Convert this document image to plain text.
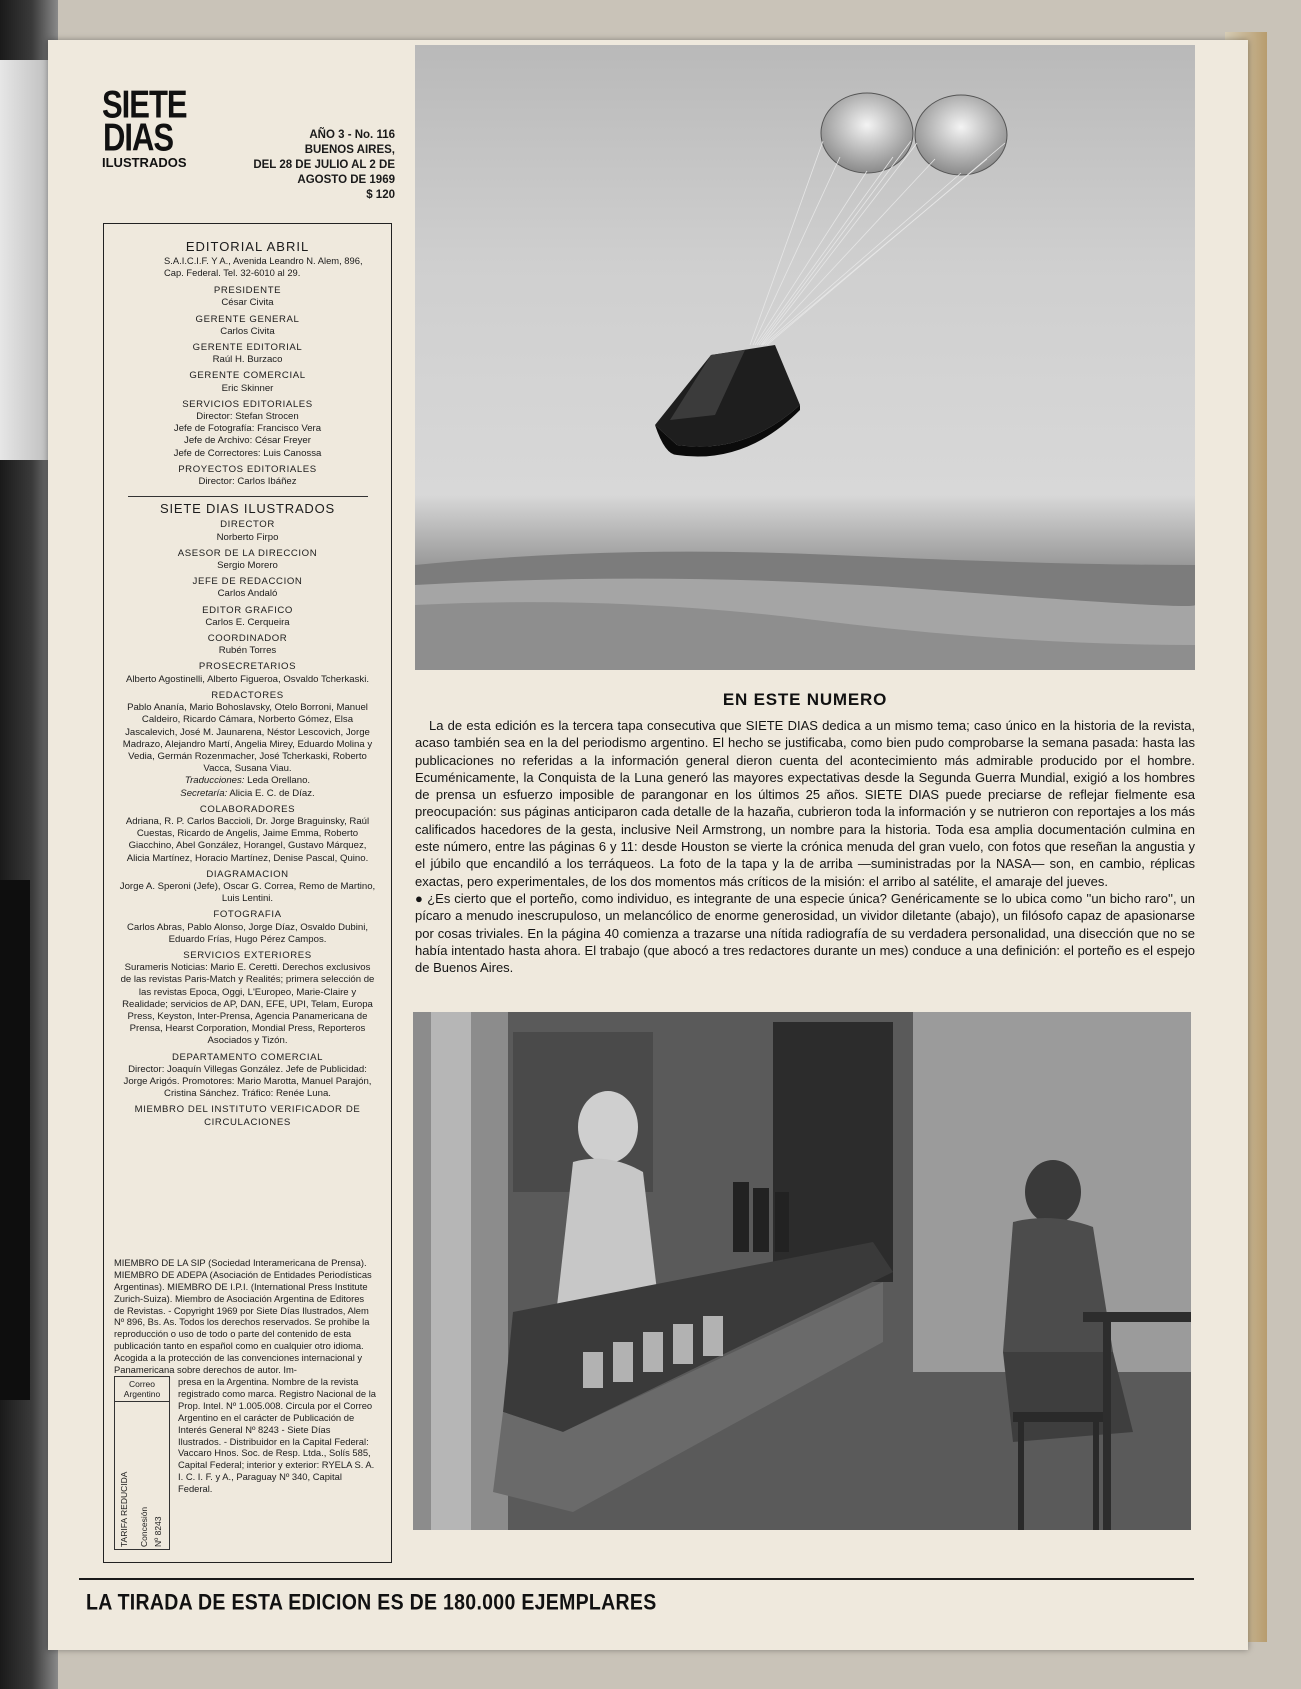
SIETE
DIAS
ILUSTRADOS
AÑO 3 - No. 116
BUENOS AIRES,
DEL 28 DE JULIO AL 2 DE
AGOSTO DE 1969
$ 120
EDITORIAL ABRIL
S.A.I.C.I.F. Y A., Avenida Leandro N. Alem, 896, Cap. Federal. Tel. 32-6010 al 29.
PRESIDENTE
César Civita
GERENTE GENERAL
Carlos Civita
GERENTE EDITORIAL
Raúl H. Burzaco
GERENTE COMERCIAL
Eric Skinner
SERVICIOS EDITORIALES
Director: Stefan Strocen
Jefe de Fotografía: Francisco Vera
Jefe de Archivo: César Freyer
Jefe de Correctores: Luis Canossa
PROYECTOS EDITORIALES
Director: Carlos Ibáñez
SIETE DIAS ILUSTRADOS
DIRECTOR
Norberto Firpo
ASESOR DE LA DIRECCION
Sergio Morero
JEFE DE REDACCION
Carlos Andaló
EDITOR GRAFICO
Carlos E. Cerqueira
COORDINADOR
Rubén Torres
PROSECRETARIOS
Alberto Agostinelli, Alberto Figueroa, Osvaldo Tcherkaski.
REDACTORES
Pablo Ananía, Mario Bohoslavsky, Otelo Borroni, Manuel Caldeiro, Ricardo Cámara, Norberto Gómez, Elsa Jascalevich, José M. Jaunarena, Néstor Lescovich, Jorge Madrazo, Alejandro Martí, Angelia Mirey, Eduardo Molina y Vedia, Germán Rozenmacher, José Tcherkaski, Roberto Vacca, Susana Viau.
Traducciones: Leda Orellano.
Secretaría: Alicia E. C. de Díaz.
COLABORADORES
Adriana, R. P. Carlos Baccioli, Dr. Jorge Braguinsky, Raúl Cuestas, Ricardo de Angelis, Jaime Emma, Roberto Giacchino, Abel González, Horangel, Gustavo Márquez, Alicia Martínez, Horacio Martínez, Denise Pascal, Quino.
DIAGRAMACION
Jorge A. Speroni (Jefe), Oscar G. Correa, Remo de Martino, Luis Lentini.
FOTOGRAFIA
Carlos Abras, Pablo Alonso, Jorge Díaz, Osvaldo Dubini, Eduardo Frías, Hugo Pérez Campos.
SERVICIOS EXTERIORES
Surameris Noticias: Mario E. Ceretti. Derechos exclusivos de las revistas Paris-Match y Realités; primera selección de las revistas Epoca, Oggi, L'Europeo, Marie-Claire y Realidade; servicios de AP, DAN, EFE, UPI, Telam, Europa Press, Keyston, Inter-Prensa, Agencia Panamericana de Prensa, Hearst Corporation, Mondial Press, Reporteros Asociados y Tizón.
DEPARTAMENTO COMERCIAL
Director: Joaquín Villegas González. Jefe de Publicidad: Jorge Arigós. Promotores: Mario Marotta, Manuel Parajón, Cristina Sánchez. Tráfico: Renée Luna.
MIEMBRO DEL INSTITUTO VERIFICADOR DE CIRCULACIONES
MIEMBRO DE LA SIP (Sociedad Interamericana de Prensa). MIEMBRO DE ADEPA (Asociación de Entidades Periodísticas Argentinas). MIEMBRO DE I.P.I. (International Press Institute Zurich-Suiza). Miembro de Asociación Argentina de Editores de Revistas. - Copyright 1969 por Siete Días Ilustrados, Alem Nº 896, Bs. As. Todos los derechos reservados. Se prohibe la reproducción o uso de todo o parte del contenido de esta publicación tanto en español como en cualquier otro idioma. Acogida a la protección de las convenciones internacional y Panamericana sobre derechos de autor. Im-
Correo Argentino
TARIFA REDUCIDA Concesión Nº 8243
presa en la Argentina. Nombre de la revista registrado como marca. Registro Nacional de la Prop. Intel. Nº 1.005.008. Circula por el Correo Argentino en el carácter de Publicación de Interés General Nº 8243 - Siete Días Ilustrados. - Distribuidor en la Capital Federal: Vaccaro Hnos. Soc. de Resp. Ltda., Solís 585, Capital Federal; interior y exterior: RYELA S. A. I. C. I. F. y A., Paraguay Nº 340, Capital Federal.
EN ESTE NUMERO

La de esta edición es la tercera tapa consecutiva que SIETE DIAS dedica a un mismo tema; caso único en la historia de la revista, acaso también sea en la del periodismo argentino. El hecho se justificaba, como bien pudo comprobarse la semana pasada: hasta las publicaciones no referidas a la información general dieron cuenta del acontecimiento más admirable producido por el hombre. Ecuménicamente, la Conquista de la Luna generó las mayores expectativas desde la Segunda Guerra Mundial, exigió a los hombres de prensa un esfuerzo imposible de parangonar en los últimos 25 años. SIETE DIAS puede preciarse de reflejar fielmente esa preocupación: sus páginas anticiparon cada detalle de la hazaña, cubrieron toda la información y se nutrieron con reportajes a los más calificados hacedores de la gesta, inclusive Neil Armstrong, un nombre para la historia. Toda esa amplia documentación culmina en este número, entre las páginas 6 y 11: desde Houston se vierte la crónica menuda del gran vuelo, con fotos que reseñan la angustia y el júbilo que encandiló a los terráqueos. La foto de la tapa y la de arriba —suministradas por la NASA— son, en cambio, réplicas exactas, pero experimentales, de los dos momentos más críticos de la misión: el arribo al satélite, el amaraje del jueves.

● ¿Es cierto que el porteño, como individuo, es integrante de una especie única? Genéricamente se lo ubica como ''un bicho raro'', un pícaro a menudo inescrupuloso, un melancólico de enorme generosidad, un vividor diletante (abajo), un filósofo capaz de apasionarse por cosas triviales. En la página 40 comienza a trazarse una nítida radiografía de su verdadera personalidad, una disección que no se había intentado hasta ahora. El trabajo (que abocó a tres redactores durante un mes) conduce a una definición: el porteño es el espejo de Buenos Aires.

LA TIRADA DE ESTA EDICION ES DE 180.000 EJEMPLARES
